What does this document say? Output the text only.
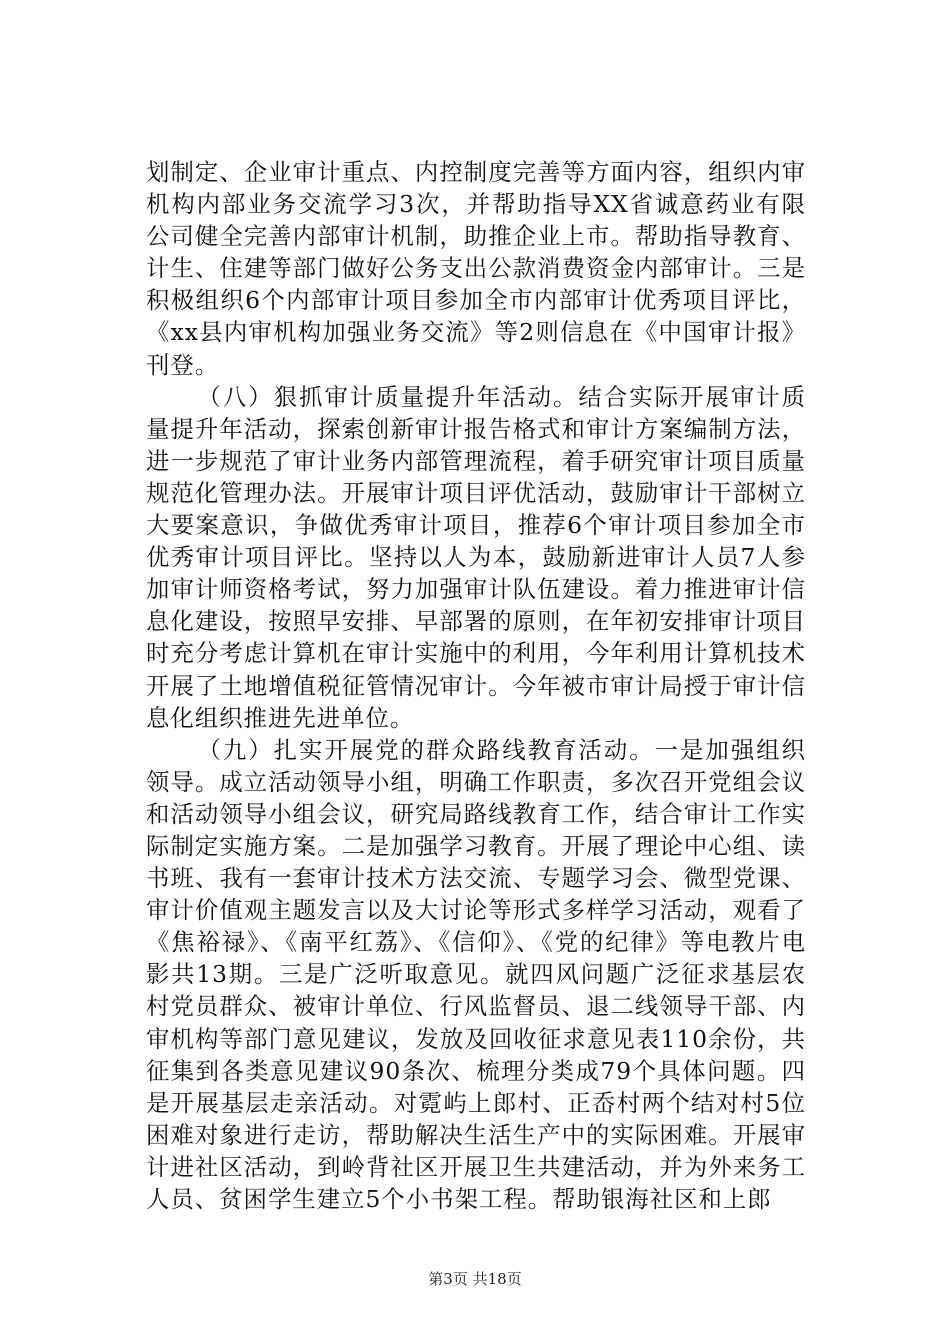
划制定、企业审计重点、内控制度完善等方面内容，组织内审机构内部业务交流学习3次，并帮助指导XX省诚意药业有限公司健全完善内部审计机制，助推企业上市。帮助指导教育、计生、住建等部门做好公务支出公款消费资金内部审计。三是积极组织6个内部审计项目参加全市内部审计优秀项目评比，《xx县内审机构加强业务交流》等2则信息在《中国审计报》刊登。

（八）狠抓审计质量提升年活动。结合实际开展审计质量提升年活动，探索创新审计报告格式和审计方案编制方法，进一步规范了审计业务内部管理流程，着手研究审计项目质量规范化管理办法。开展审计项目评优活动，鼓励审计干部树立大要案意识，争做优秀审计项目，推荐6个审计项目参加全市优秀审计项目评比。坚持以人为本，鼓励新进审计人员7人参加审计师资格考试，努力加强审计队伍建设。着力推进审计信息化建设，按照早安排、早部署的原则，在年初安排审计项目时充分考虑计算机在审计实施中的利用，今年利用计算机技术开展了土地增值税征管情况审计。今年被市审计局授于审计信息化组织推进先进单位。

（九）扎实开展党的群众路线教育活动。一是加强组织领导。成立活动领导小组，明确工作职责，多次召开党组会议和活动领导小组会议，研究局路线教育工作，结合审计工作实际制定实施方案。二是加强学习教育。开展了理论中心组、读书班、我有一套审计技术方法交流、专题学习会、微型党课、审计价值观主题发言以及大讨论等形式多样学习活动，观看了《焦裕禄》、《南平红荔》、《信仰》、《党的纪律》等电教片电影共13期。三是广泛听取意见。就四风问题广泛征求基层农村党员群众、被审计单位、行风监督员、退二线领导干部、内审机构等部门意见建议，发放及回收征求意见表110余份，共征集到各类意见建议90条次、梳理分类成79个具体问题。四是开展基层走亲活动。对霓屿上郎村、正岙村两个结对村5位困难对象进行走访，帮助解决生活生产中的实际困难。开展审计进社区活动，到岭背社区开展卫生共建活动，并为外来务工人员、贫困学生建立5个小书架工程。帮助银海社区和上郎

第3页 共18页
